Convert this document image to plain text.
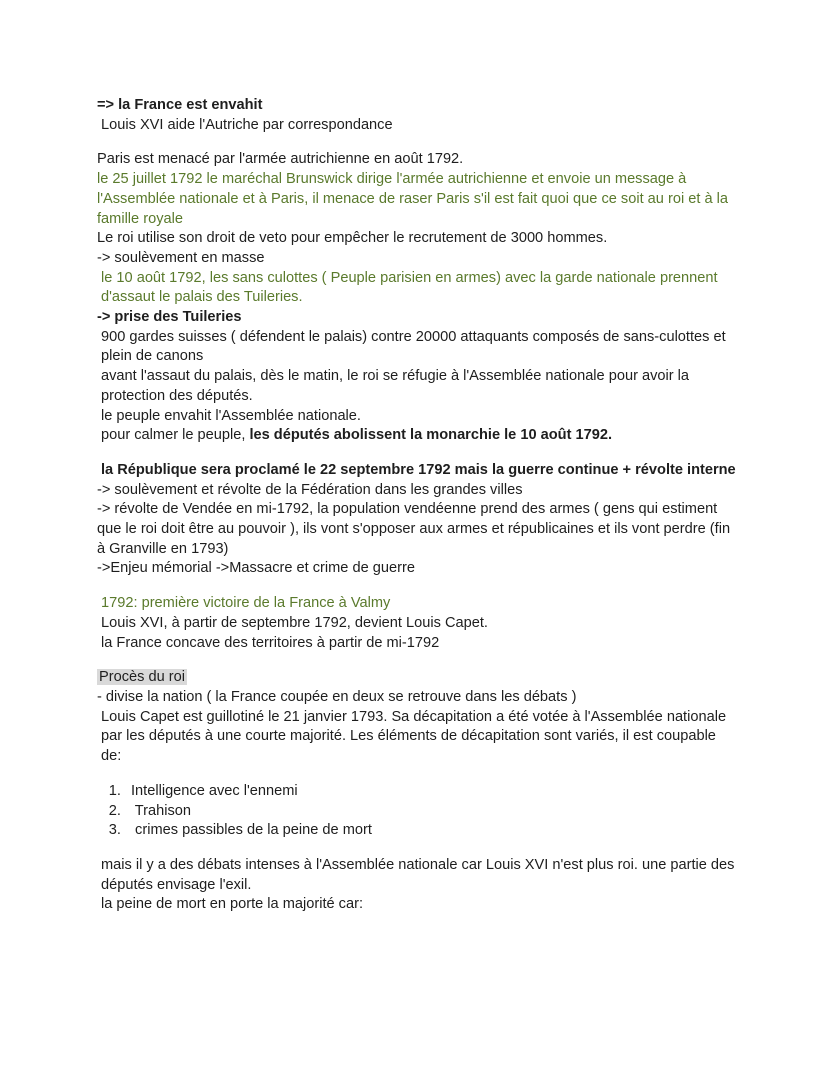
=> la France est envahit

Louis XVI aide l'Autriche par correspondance

Paris est menacé par l'armée autrichienne en août 1792.

le 25 juillet 1792 le maréchal Brunswick dirige l'armée autrichienne et envoie un message à l'Assemblée nationale et à Paris, il menace de raser Paris s'il est fait quoi que ce soit au roi et à la famille royale

Le roi utilise son droit de veto pour empêcher le recrutement de 3000 hommes.

-> soulèvement en masse

le 10 août 1792, les sans culottes ( Peuple parisien en armes) avec la garde nationale prennent d'assaut le palais des Tuileries.

-> prise des Tuileries

900 gardes suisses ( défendent le palais) contre 20000 attaquants composés de sans-culottes et plein de canons

avant l'assaut du palais, dès le matin, le roi se réfugie à l'Assemblée nationale pour avoir la protection des députés.

le peuple envahit l'Assemblée nationale.

pour calmer le peuple, les députés abolissent la monarchie le 10 août 1792.

la République sera proclamé le 22 septembre 1792 mais la guerre continue + révolte interne

-> soulèvement et révolte de la Fédération dans les grandes villes

-> révolte de Vendée en mi-1792, la population vendéenne prend des armes ( gens qui estiment que le roi doit être au pouvoir ), ils vont s'opposer aux armes et républicaines et ils vont perdre (fin à Granville en 1793)

->Enjeu mémorial ->Massacre et crime de guerre

1792: première victoire de la France à Valmy

Louis XVI, à partir de septembre 1792, devient Louis Capet.

la France concave des territoires à partir de mi-1792

Procès du roi

- divise la nation ( la France coupée en deux se retrouve dans les débats )

Louis Capet est guillotiné le 21 janvier 1793. Sa décapitation a été votée à l'Assemblée nationale par les députés à une courte majorité. Les éléments de décapitation sont variés, il est coupable de:

1. Intelligence avec l'ennemi
2.  Trahison
3.  crimes passibles de la peine de mort

mais il y a des débats intenses à l'Assemblée nationale car Louis XVI n'est plus roi. une partie des députés envisage l'exil.

la peine de mort en porte la majorité car:
